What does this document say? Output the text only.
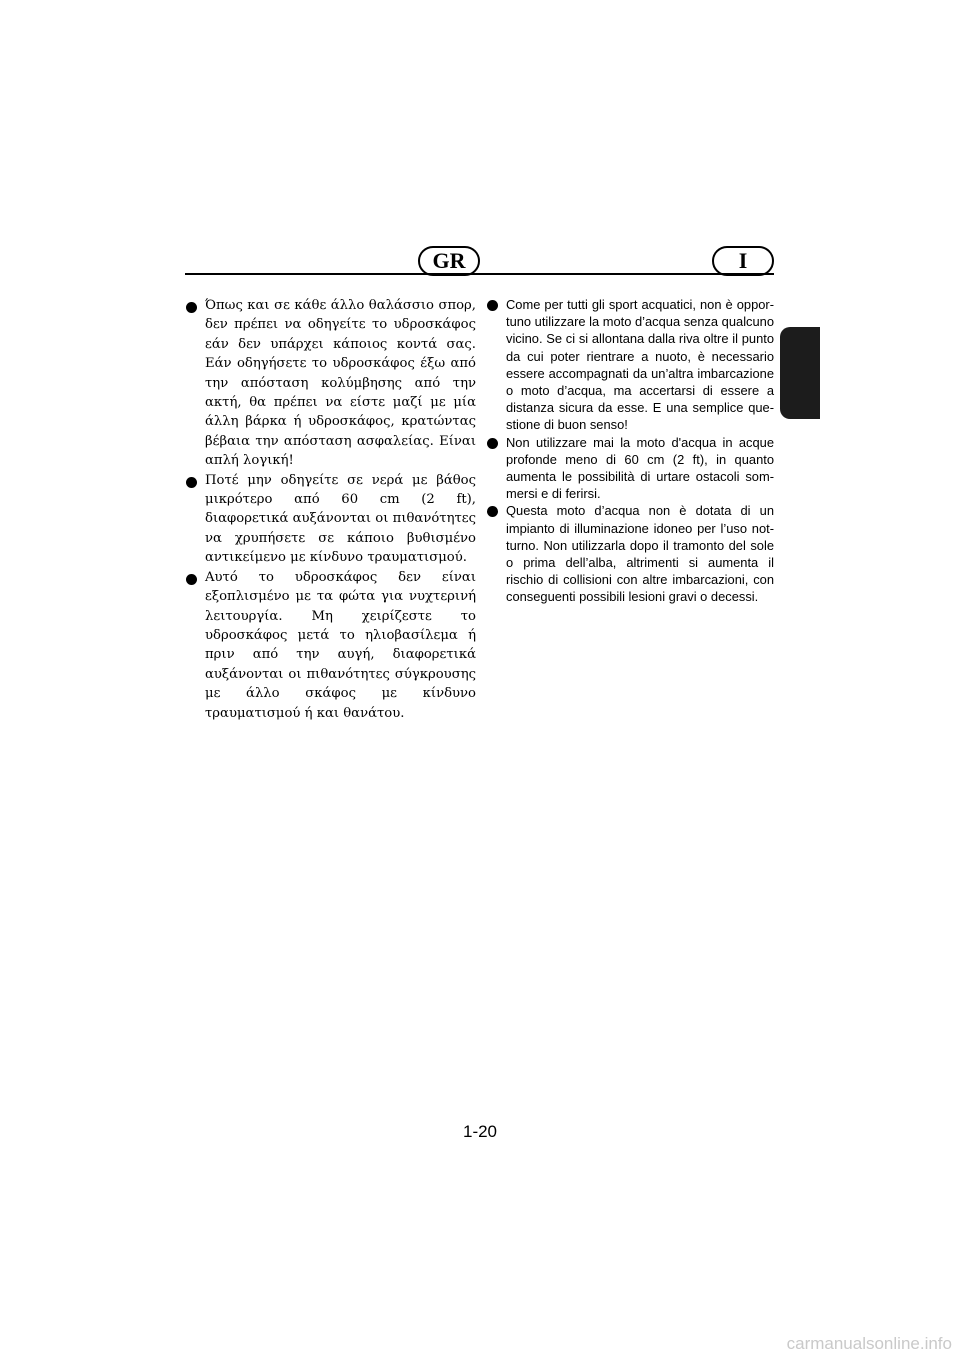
GR	I
Όπως και σε κάθε άλλο θαλάσσιο σπορ, δεν πρέπει να οδηγείτε το υδροσκάφος εάν δεν υπάρχει κάποιος κοντά σας. Εάν οδηγήσετε το υδροσκάφος έξω από την απόσταση κολύμβησης από την ακτή, θα πρέπει να είστε μαζί με μία άλλη βάρκα ή υδροσκάφος, κρατώντας βέβαια την απόσταση ασφαλείας. Είναι απλή λογική!
Ποτέ μην οδηγείτε σε νερά με βάθος μικρότερο από 60 cm (2 ft), διαφορετικά αυξάνονται οι πιθανότητες να χρυπήσετε σε κάποιο βυθισμένο αντικείμενο με κίνδυνο τραυματισμού.
Αυτό το υδροσκάφος δεν είναι εξοπλισμένο με τα φώτα για νυχτερινή λειτουργία. Μη χειρίζεστε το υδροσκάφος μετά το ηλιοβασίλεμα ή πριν από την αυγή, διαφορετικά αυξάνονται οι πιθανότητες σύγκρουσης με άλλο σκάφος με κίνδυνο τραυματισμού ή και θανάτου.
Come per tutti gli sport acquatici, non è opportuno utilizzare la moto d’acqua senza qualcuno vicino. Se ci si allontana dalla riva oltre il punto da cui poter rientrare a nuoto, è necessario essere accompagnati da un’altra imbarcazione o moto d’acqua, ma accertarsi di essere a distanza sicura da esse. E una semplice questione di buon senso!
Non utilizzare mai la moto d'acqua in acque profonde meno di 60 cm (2 ft), in quanto aumenta le possibilità di urtare ostacoli sommersi e di ferirsi.
Questa moto d’acqua non è dotata di un impianto di illuminazione idoneo per l’uso notturno. Non utilizzarla dopo il tramonto del sole o prima dell’alba, altrimenti si aumenta il rischio di collisioni con altre imbarcazioni, con conseguenti possibili lesioni gravi o decessi.
1-20
carmanualsonline.info
